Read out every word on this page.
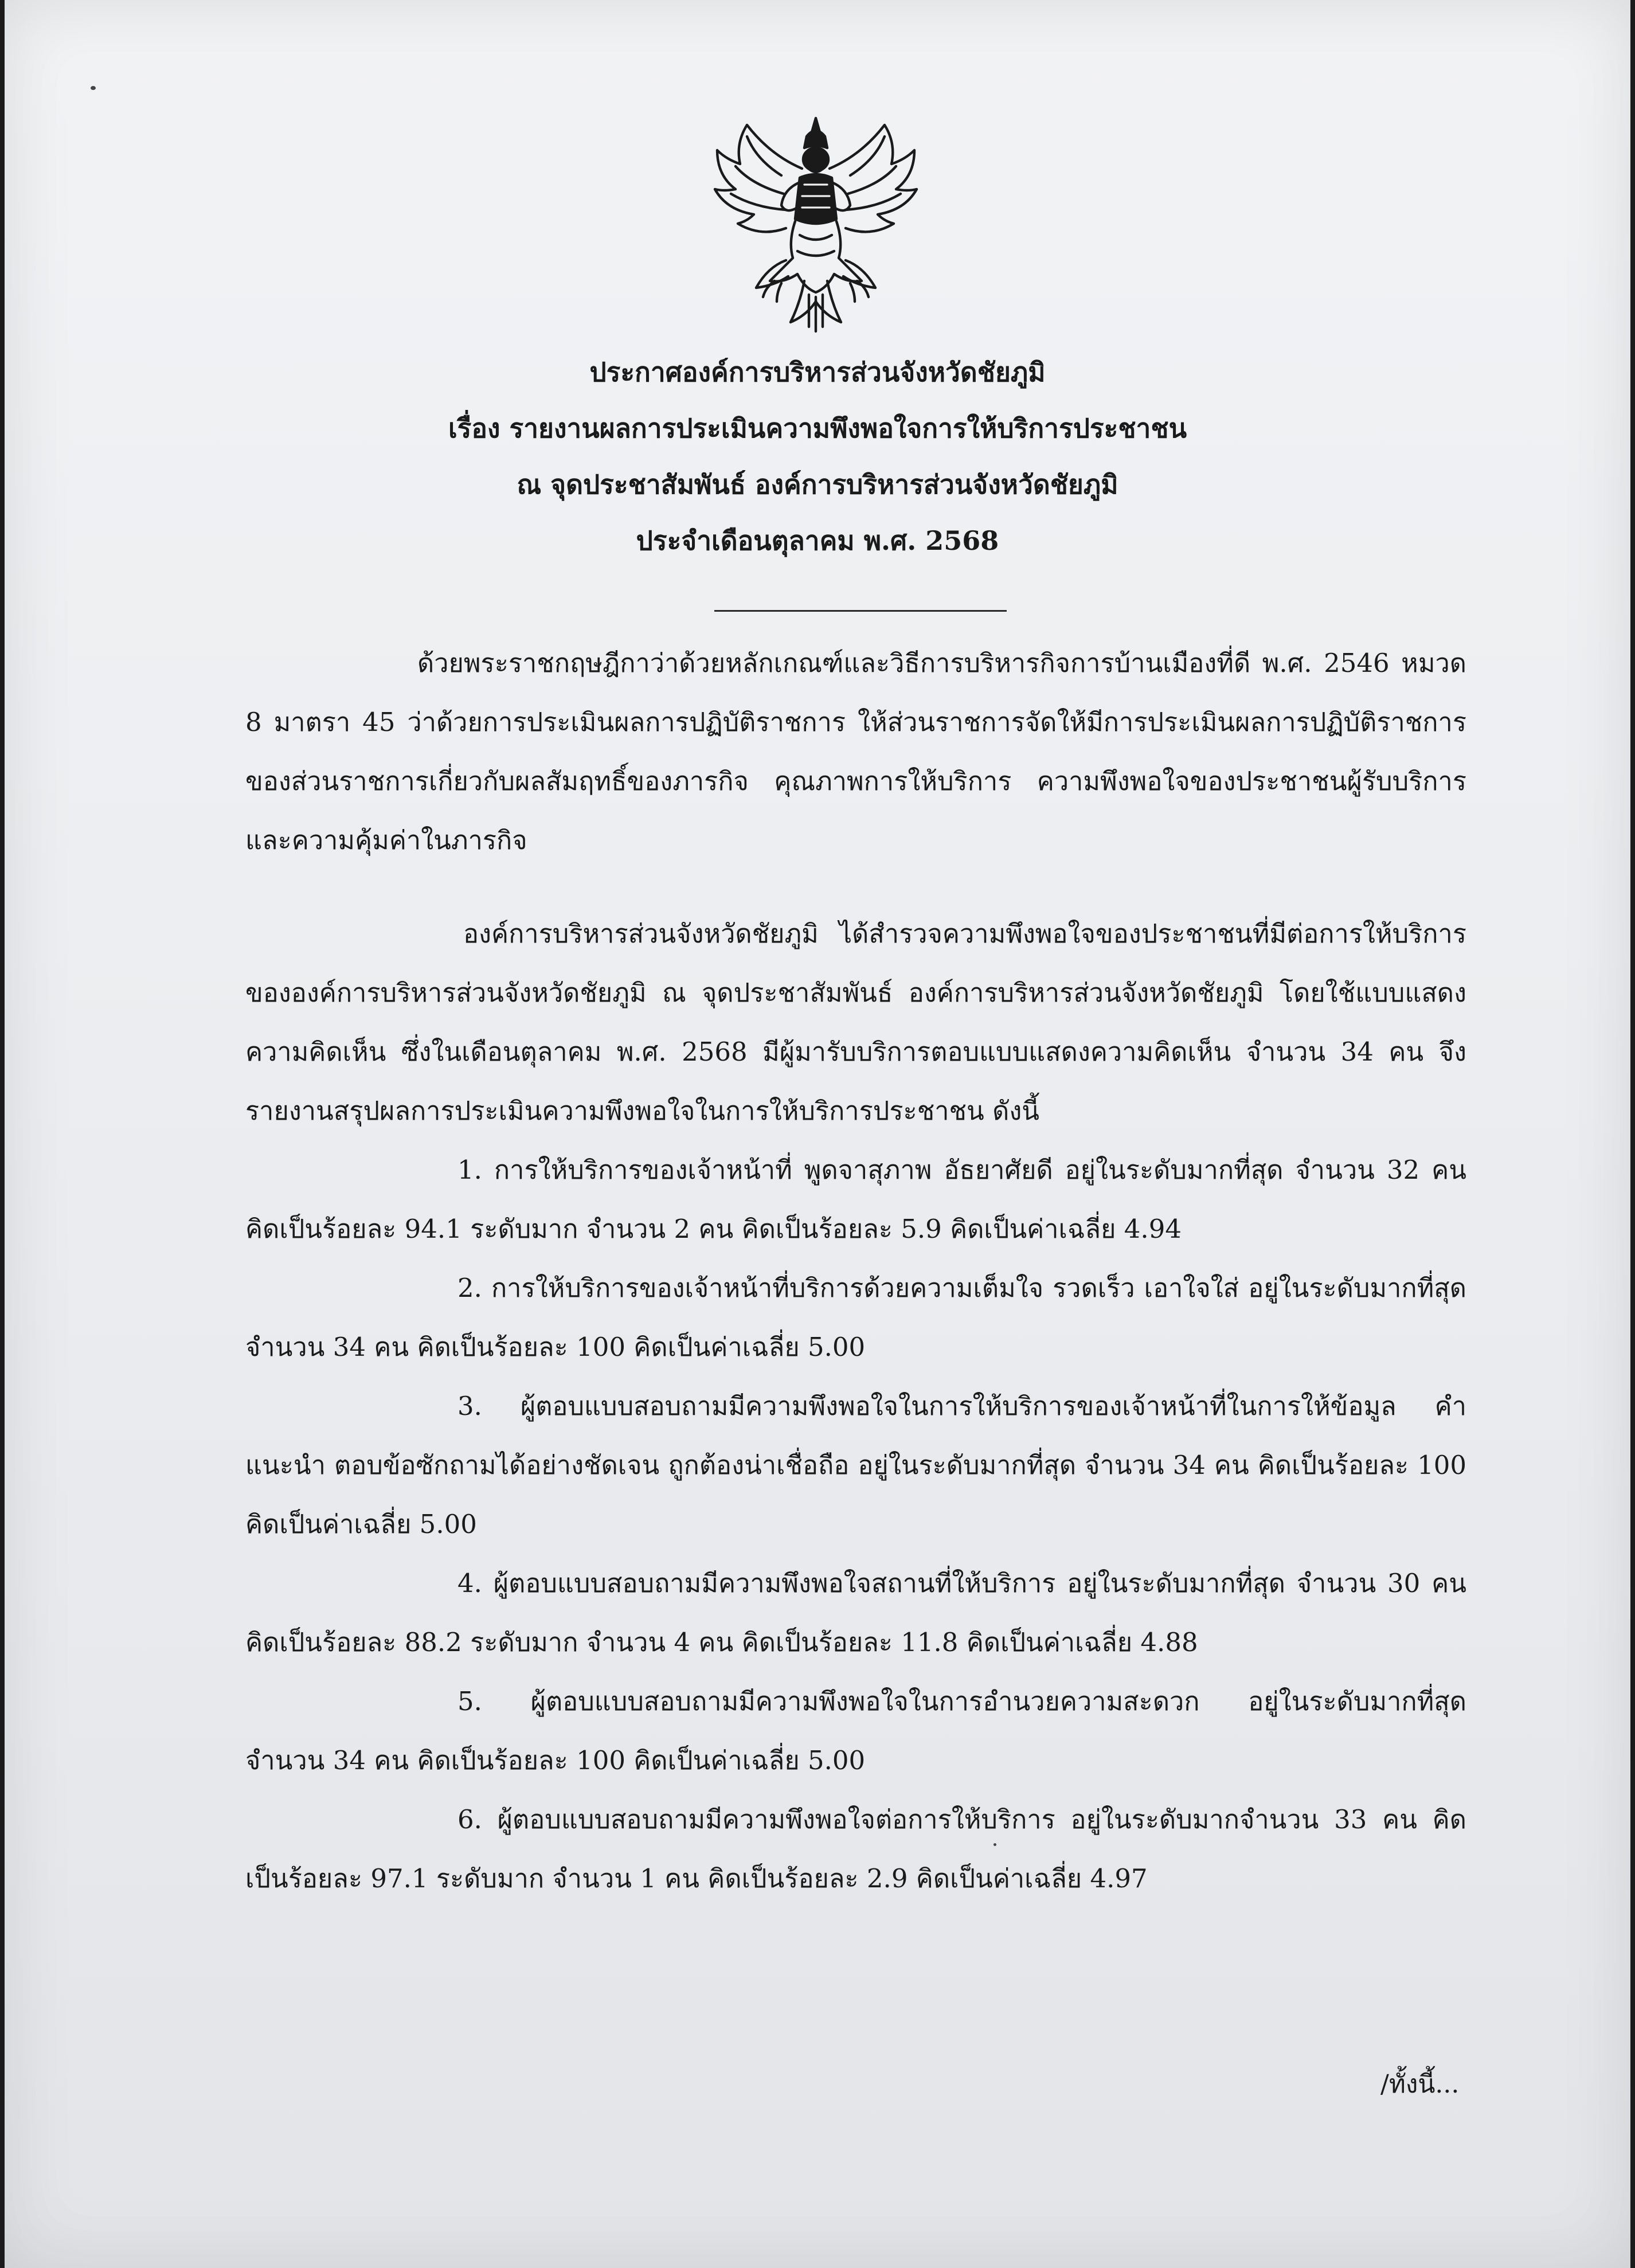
ประกาศองค์การบริหารส่วนจังหวัดชัยภูมิ
เรื่อง รายงานผลการประเมินความพึงพอใจการให้บริการประชาชน
ณ จุดประชาสัมพันธ์ องค์การบริหารส่วนจังหวัดชัยภูมิ
ประจำเดือนตุลาคม พ.ศ. 2568

ด้วยพระราชกฤษฎีกาว่าด้วยหลักเกณฑ์และวิธีการบริหารกิจการบ้านเมืองที่ดี พ.ศ. 2546 หมวด 8 มาตรา 45 ว่าด้วยการประเมินผลการปฏิบัติราชการ ให้ส่วนราชการจัดให้มีการประเมินผลการปฏิบัติราชการของส่วนราชการเกี่ยวกับผลสัมฤทธิ์ของภารกิจ คุณภาพการให้บริการ ความพึงพอใจของประชาชนผู้รับบริการ และความคุ้มค่าในภารกิจ

องค์การบริหารส่วนจังหวัดชัยภูมิ ได้สำรวจความพึงพอใจของประชาชนที่มีต่อการให้บริการขององค์การบริหารส่วนจังหวัดชัยภูมิ ณ จุดประชาสัมพันธ์ องค์การบริหารส่วนจังหวัดชัยภูมิ โดยใช้แบบแสดงความคิดเห็น ซึ่งในเดือนตุลาคม พ.ศ. 2568 มีผู้มารับบริการตอบแบบแสดงความคิดเห็น จำนวน 34 คน จึงรายงานสรุปผลการประเมินความพึงพอใจในการให้บริการประชาชน ดังนี้

1. การให้บริการของเจ้าหน้าที่ พูดจาสุภาพ อัธยาศัยดี อยู่ในระดับมากที่สุด จำนวน 32 คน คิดเป็นร้อยละ 94.1 ระดับมาก จำนวน 2 คน คิดเป็นร้อยละ 5.9 คิดเป็นค่าเฉลี่ย 4.94

2. การให้บริการของเจ้าหน้าที่บริการด้วยความเต็มใจ รวดเร็ว เอาใจใส่ อยู่ในระดับมากที่สุด จำนวน 34 คน คิดเป็นร้อยละ 100 คิดเป็นค่าเฉลี่ย 5.00

3. ผู้ตอบแบบสอบถามมีความพึงพอใจในการให้บริการของเจ้าหน้าที่ในการให้ข้อมูล คำแนะนำ ตอบข้อซักถามได้อย่างชัดเจน ถูกต้องน่าเชื่อถือ อยู่ในระดับมากที่สุด จำนวน 34 คน คิดเป็นร้อยละ 100 คิดเป็นค่าเฉลี่ย 5.00

4. ผู้ตอบแบบสอบถามมีความพึงพอใจสถานที่ให้บริการ อยู่ในระดับมากที่สุด จำนวน 30 คน คิดเป็นร้อยละ 88.2 ระดับมาก จำนวน 4 คน คิดเป็นร้อยละ 11.8 คิดเป็นค่าเฉลี่ย 4.88

5. ผู้ตอบแบบสอบถามมีความพึงพอใจในการอำนวยความสะดวก อยู่ในระดับมากที่สุด จำนวน 34 คน คิดเป็นร้อยละ 100 คิดเป็นค่าเฉลี่ย 5.00

6. ผู้ตอบแบบสอบถามมีความพึงพอใจต่อการให้บริการ อยู่ในระดับมากจำนวน 33 คน คิดเป็นร้อยละ 97.1 ระดับมาก จำนวน 1 คน คิดเป็นร้อยละ 2.9 คิดเป็นค่าเฉลี่ย 4.97

/ทั้งนี้...
